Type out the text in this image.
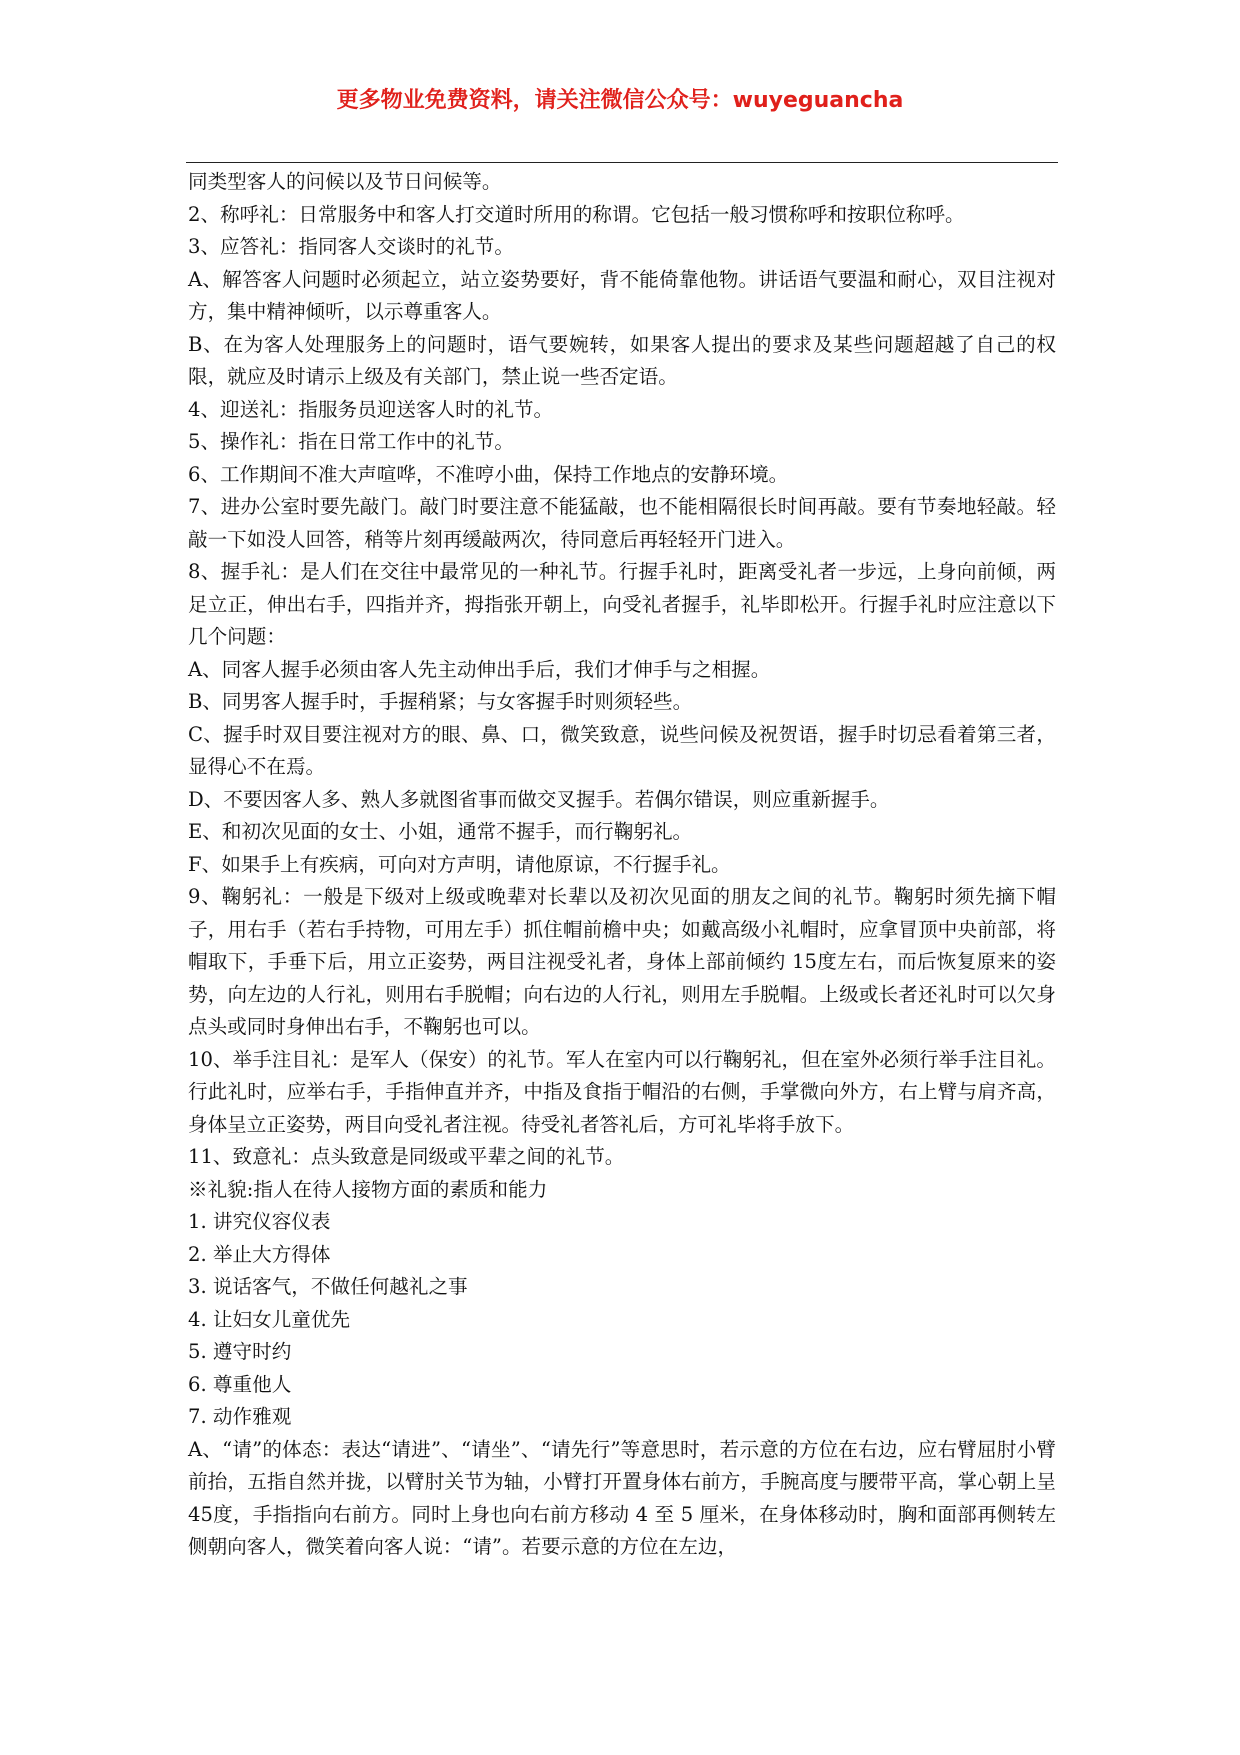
更多物业免费资料，请关注微信公众号：wuyeguancha

同类型客人的问候以及节日问候等。

2、称呼礼：日常服务中和客人打交道时所用的称谓。它包括一般习惯称呼和按职位称呼。

3、应答礼：指同客人交谈时的礼节。

A、解答客人问题时必须起立，站立姿势要好，背不能倚靠他物。讲话语气要温和耐心，双目注视对方，集中精神倾听，以示尊重客人。

B、在为客人处理服务上的问题时，语气要婉转，如果客人提出的要求及某些问题超越了自己的权限，就应及时请示上级及有关部门，禁止说一些否定语。

4、迎送礼：指服务员迎送客人时的礼节。

5、操作礼：指在日常工作中的礼节。

6、工作期间不准大声喧哗，不准哼小曲，保持工作地点的安静环境。

7、进办公室时要先敲门。敲门时要注意不能猛敲，也不能相隔很长时间再敲。要有节奏地轻敲。轻敲一下如没人回答，稍等片刻再缓敲两次，待同意后再轻轻开门进入。

8、握手礼：是人们在交往中最常见的一种礼节。行握手礼时，距离受礼者一步远，上身向前倾，两足立正，伸出右手，四指并齐，拇指张开朝上，向受礼者握手，礼毕即松开。行握手礼时应注意以下几个问题：

A、同客人握手必须由客人先主动伸出手后，我们才伸手与之相握。

B、同男客人握手时，手握稍紧；与女客握手时则须轻些。

C、握手时双目要注视对方的眼、鼻、口，微笑致意，说些问候及祝贺语，握手时切忌看着第三者，显得心不在焉。

D、不要因客人多、熟人多就图省事而做交叉握手。若偶尔错误，则应重新握手。

E、和初次见面的女士、小姐，通常不握手，而行鞠躬礼。

F、如果手上有疾病，可向对方声明，请他原谅，不行握手礼。

9、鞠躬礼：一般是下级对上级或晚辈对长辈以及初次见面的朋友之间的礼节。鞠躬时须先摘下帽子，用右手（若右手持物，可用左手）抓住帽前檐中央；如戴高级小礼帽时，应拿冒顶中央前部，将帽取下，手垂下后，用立正姿势，两目注视受礼者，身体上部前倾约 15度左右，而后恢复原来的姿势，向左边的人行礼，则用右手脱帽；向右边的人行礼，则用左手脱帽。上级或长者还礼时可以欠身点头或同时身伸出右手，不鞠躬也可以。

10、举手注目礼：是军人（保安）的礼节。军人在室内可以行鞠躬礼，但在室外必须行举手注目礼。行此礼时，应举右手，手指伸直并齐，中指及食指于帽沿的右侧，手掌微向外方，右上臂与肩齐高，身体呈立正姿势，两目向受礼者注视。待受礼者答礼后，方可礼毕将手放下。

11、致意礼：点头致意是同级或平辈之间的礼节。

※礼貌:指人在待人接物方面的素质和能力

1. 讲究仪容仪表

2. 举止大方得体

3. 说话客气，不做任何越礼之事

4. 让妇女儿童优先

5. 遵守时约

6. 尊重他人

7. 动作雅观

A、“请”的体态：表达“请进”、“请坐”、“请先行”等意思时，若示意的方位在右边，应右臂屈肘小臂前抬，五指自然并拢，以臂肘关节为轴，小臂打开置身体右前方，手腕高度与腰带平高，掌心朝上呈 45度，手指指向右前方。同时上身也向右前方移动 4 至 5 厘米，在身体移动时，胸和面部再侧转左侧朝向客人，微笑着向客人说：“请”。若要示意的方位在左边，
